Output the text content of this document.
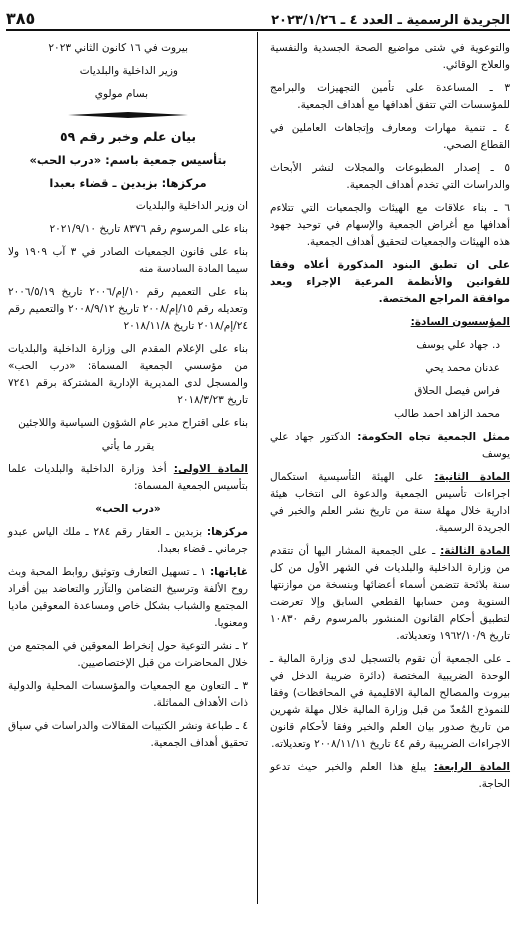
الجريدة الرسمية ـ العدد ٤ ـ ٢٠٢٣/١/٢٦
٣٨٥

والتوعوية في شتى مواضيع الصحة الجسدية والنفسية والعلاج الوقائي.

٣ ـ المساعدة على تأمين التجهيزات والبرامج للمؤسسات التي تتفق أهدافها مع أهداف الجمعية.

٤ ـ تنمية مهارات ومعارف وإتجاهات العاملين في القطاع الصحي.

٥ ـ إصدار المطبوعات والمجلات لنشر الأبحاث والدراسات التي تخدم أهداف الجمعية.

٦ ـ بناء علاقات مع الهيئات والجمعيات التي تتلاءم أهدافها مع أغراض الجمعية والإسهام في توحيد جهود هذه الهيئات والجمعيات لتحقيق أهداف الجمعية.

على ان تطبق البنود المذكورة أعلاه وفقا للقوانين والأنظمة المرعية الإجراء وبعد موافقة المراجع المختصة.

المؤسسون السادة:

د. جهاد علي يوسف
عدنان محمد يحي
فراس فيصل الحلاق
محمد الزاهد احمد طالب

ممثل الجمعية تجاه الحكومة: الدكتور جهاد علي يوسف

المادة الثانية: على الهيئة التأسيسية استكمال اجراءات تأسيس الجمعية والدعوة الى انتخاب هيئة ادارية خلال مهلة سنة من تاريخ نشر العلم والخبر في الجريدة الرسمية.

المادة الثالثة: ـ على الجمعية المشار اليها أن تتقدم من وزارة الداخلية والبلديات في الشهر الأول من كل سنة بلائحة تتضمن أسماء أعضائها وبنسخة من موازنتها السنوية ومن حسابها القطعي السابق وإلا تعرضت لتطبيق أحكام القانون المنشور بالمرسوم رقم ١٠٨٣٠ تاريخ ١٩٦٢/١٠/٩ وتعديلاته.

ـ على الجمعية أن تقوم بالتسجيل لدى وزارة المالية ـ الوحدة الضريبية المختصة (دائرة ضريبة الدخل في بيروت والمصالح المالية الاقليمية في المحافظات) وفقا للنموذج المُعدّ من قبل وزارة المالية خلال مهلة شهرين من تاريخ صدور بيان العلم والخبر وفقا لأحكام قانون الاجراءات الضريبية رقم ٤٤ تاريخ ٢٠٠٨/١١/١١ وتعديلاته.

المادة الرابعة: يبلغ هذا العلم والخبر حيث تدعو الحاجة.

بيروت في ١٦ كانون الثاني ٢٠٢٣

وزير الداخلية والبلديات

بسام مولوي

بيان علم وخبر رقم ٥٩

بتأسيس جمعية باسم: «درب الحب»

مركزها: بزبدين ـ قضاء بعبدا

ان وزير الداخلية والبلديات

بناء على المرسوم رقم ٨٣٧٦ تاريخ ٢٠٢١/٩/١٠

بناء على قانون الجمعيات الصادر في ٣ آب ١٩٠٩ ولا سيما المادة السادسة منه

بناء على التعميم رقم ١٠/إم/٢٠٠٦ تاريخ ٢٠٠٦/٥/١٩ وتعديله رقم ١٥/إم/٢٠٠٨ تاريخ ٢٠٠٨/٩/١٢ والتعميم رقم ٢٤/إم/٢٠١٨ تاريخ ٢٠١٨/١١/٨

بناء على الإعلام المقدم الى وزارة الداخلية والبلديات من مؤسسي الجمعية المسماة: «درب الحب» والمسجل لدى المديرية الإدارية المشتركة برقم ٧٢٤١ تاريخ ٢٠١٨/٣/٢٣

بناء على اقتراح مدير عام الشؤون السياسية واللاجئين

يقرر ما يأتي

المادة الاولى: أخذ وزارة الداخلية والبلديات علما بتأسيس الجمعية المسماة:

«درب الحب»

مركزها: بزبدين ـ العقار رقم ٢٨٤ ـ ملك الياس عبدو جرماني ـ قضاء بعبدا.

غاياتها: ١ ـ تسهيل التعارف وتوثيق روابط المحبة وبث روح الألفة وترسيخ التضامن والتآزر والتعاضد بين أفراد المجتمع والشباب بشكل خاص ومساعدة المعوقين ماديا ومعنويا.

٢ ـ نشر التوعية حول إنخراط المعوقين في المجتمع من خلال المحاضرات من قبل الإختصاصيين.

٣ ـ التعاون مع الجمعيات والمؤسسات المحلية والدولية ذات الأهداف المماثلة.

٤ ـ طباعة ونشر الكتيبات المقالات والدراسات في سياق تحقيق أهداف الجمعية.
